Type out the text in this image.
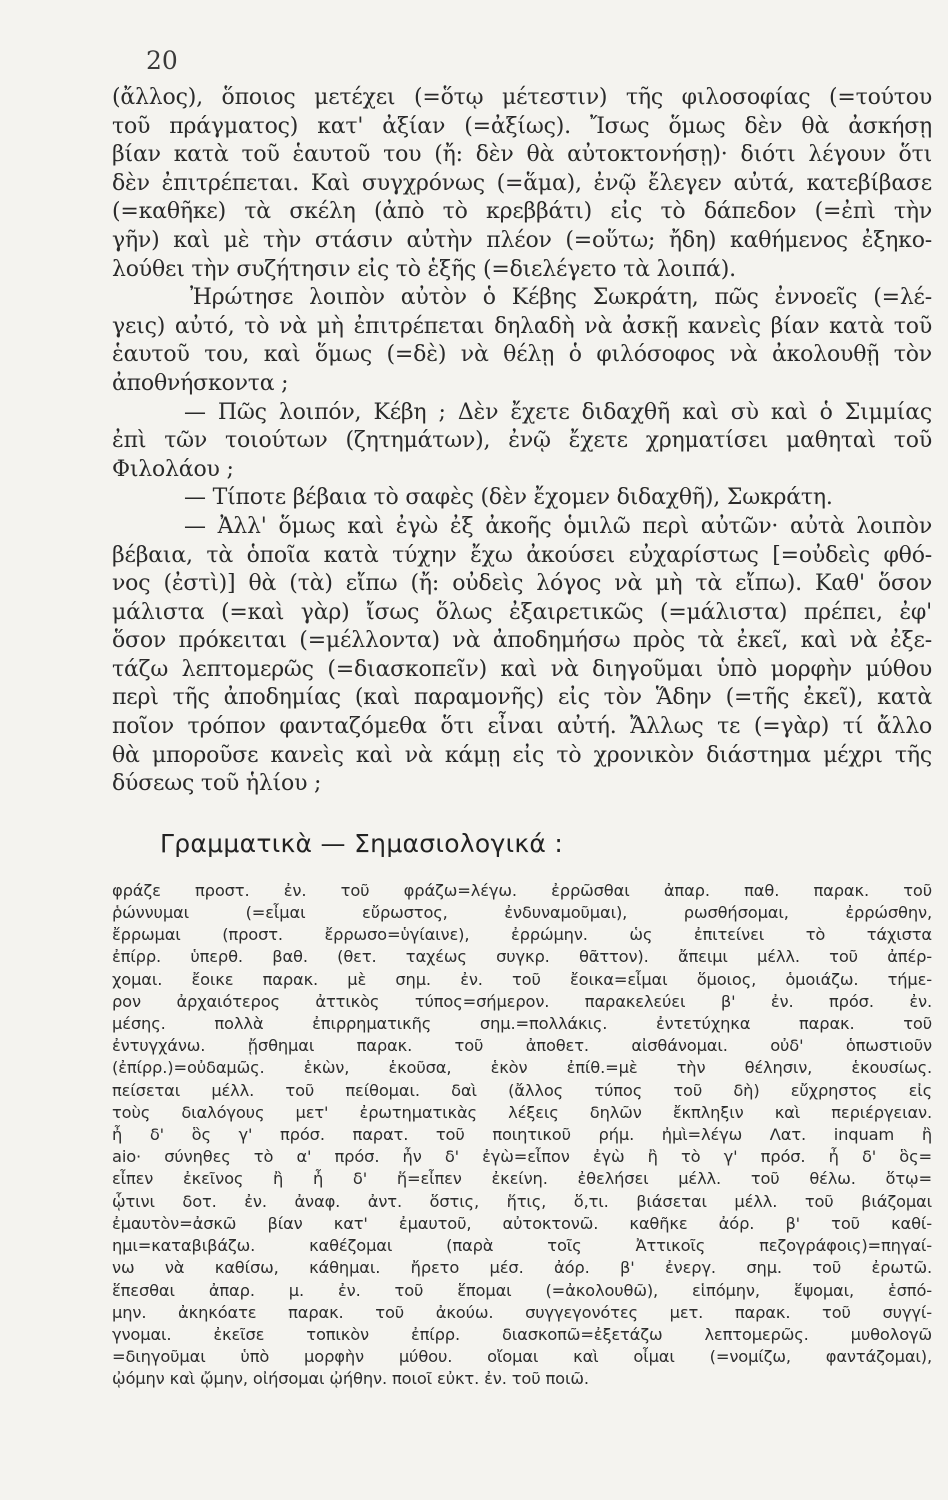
20
(ἄλλος), ὅποιος μετέχει (=ὅτῳ μέτεστιν) τῆς φιλοσοφίας (=τούτου
τοῦ πράγματος) κατ' ἀξίαν (=ἀξίως). Ἴσως ὅμως δὲν θὰ ἀσκήσῃ
βίαν κατὰ τοῦ ἑαυτοῦ του (ἤ: δὲν θὰ αὐτοκτονήσῃ)· διότι λέγουν ὅτι
δὲν ἐπιτρέπεται. Καὶ συγχρόνως (=ἅμα), ἐνῷ ἔλεγεν αὐτά, κατεβίβασε
(=καθῆκε) τὰ σκέλη (ἀπὸ τὸ κρεββάτι) εἰς τὸ δάπεδον (=ἐπὶ τὴν
γῆν) καὶ μὲ τὴν στάσιν αὐτὴν πλέον (=οὕτω; ἤδη) καθήμενος ἐξηκο-
λούθει τὴν συζήτησιν εἰς τὸ ἑξῆς (=διελέγετο τὰ λοιπά).
Ἠρώτησε λοιπὸν αὐτὸν ὁ Κέβης Σωκράτη, πῶς ἐννοεῖς (=λέ-
γεις) αὐτό, τὸ νὰ μὴ ἐπιτρέπεται δηλαδὴ νὰ ἀσκῇ κανεὶς βίαν κατὰ τοῦ
ἑαυτοῦ του, καὶ ὅμως (=δὲ) νὰ θέλῃ ὁ φιλόσοφος νὰ ἀκολουθῇ τὸν
ἀποθνήσκοντα ;
— Πῶς λοιπόν, Κέβη ; Δὲν ἔχετε διδαχθῆ καὶ σὺ καὶ ὁ Σιμμίας
ἐπὶ τῶν τοιούτων (ζητημάτων), ἐνῷ ἔχετε χρηματίσει μαθηταὶ τοῦ
Φιλολάου ;
— Τίποτε βέβαια τὸ σαφὲς (δὲν ἔχομεν διδαχθῆ), Σωκράτη.
— Ἀλλ' ὅμως καὶ ἐγὼ ἐξ ἀκοῆς ὁμιλῶ περὶ αὐτῶν· αὐτὰ λοιπὸν
βέβαια, τὰ ὁποῖα κατὰ τύχην ἔχω ἀκούσει εὐχαρίστως [=οὐδεὶς φθό-
νος (ἐστὶ)] θὰ (τὰ) εἴπω (ἤ: οὐδεὶς λόγος νὰ μὴ τὰ εἴπω). Καθ' ὅσον
μάλιστα (=καὶ γὰρ) ἴσως ὅλως ἐξαιρετικῶς (=μάλιστα) πρέπει, ἐφ'
ὅσον πρόκειται (=μέλλοντα) νὰ ἀποδημήσω πρὸς τὰ ἐκεῖ, καὶ νὰ ἐξε-
τάζω λεπτομερῶς (=διασκοπεῖν) καὶ νὰ διηγοῦμαι ὑπὸ μορφὴν μύθου
περὶ τῆς ἀποδημίας (καὶ παραμονῆς) εἰς τὸν Ἅδην (=τῆς ἐκεῖ), κατὰ
ποῖον τρόπον φανταζόμεθα ὅτι εἶναι αὐτή. Ἄλλως τε (=γὰρ) τί ἄλλο
θὰ μποροῦσε κανεὶς καὶ νὰ κάμῃ εἰς τὸ χρονικὸν διάστημα μέχρι τῆς
δύσεως τοῦ ἡλίου ;
Γραμματικὰ — Σημασιολογικά :
φράζε προστ. ἐν. τοῦ φράζω=λέγω. ἐρρῶσθαι ἀπαρ. παθ. παρακ. τοῦ
ῥώννυμαι (=εἶμαι εὔρωστος, ἐνδυναμοῦμαι), ρωσθήσομαι, ἐρρώσθην,
ἔρρωμαι (προστ. ἔρρωσο=ὑγίαινε), ἐρρώμην. ὡς ἐπιτείνει τὸ τάχιστα
ἐπίρρ. ὑπερθ. βαθ. (θετ. ταχέως συγκρ. θᾶττον). ἄπειμι μέλλ. τοῦ ἀπέρ-
χομαι. ἔοικε παρακ. μὲ σημ. ἐν. τοῦ ἔοικα=εἶμαι ὅμοιος, ὁμοιάζω. τήμε-
ρον ἀρχαιότερος ἀττικὸς τύπος=σήμερον. παρακελεύει β' ἐν. πρόσ. ἐν.
μέσης. πολλὰ ἐπιρρηματικῆς σημ.=πολλάκις. ἐντετύχηκα παρακ. τοῦ
ἐντυγχάνω. ᾔσθημαι παρακ. τοῦ ἀποθετ. αἰσθάνομαι. οὐδ' ὁπωστιοῦν
(ἐπίρρ.)=οὐδαμῶς. ἑκὼν, ἑκοῦσα, ἑκὸν ἐπίθ.=μὲ τὴν θέλησιν, ἑκουσίως.
πείσεται μέλλ. τοῦ πείθομαι. δαὶ (ἄλλος τύπος τοῦ δὴ) εὔχρηστος εἰς
τοὺς διαλόγους μετ' ἐρωτηματικὰς λέξεις δηλῶν ἔκπληξιν καὶ περιέργειαν.
ἦ δ' ὃς γ' πρόσ. παρατ. τοῦ ποιητικοῦ ρήμ. ἠμὶ=λέγω Λατ. inquam ἢ
aio· σύνηθες τὸ α' πρόσ. ἦν δ' ἐγὼ=εἶπον ἐγὼ ἢ τὸ γ' πρόσ. ἦ δ' ὃς=
εἶπεν ἐκεῖνος ἢ ἦ δ' ἥ=εἶπεν ἐκείνη. ἐθελήσει μέλλ. τοῦ θέλω. ὅτῳ=
ᾧτινι δοτ. ἐν. ἀναφ. ἀντ. ὅστις, ἥτις, ὅ,τι. βιάσεται μέλλ. τοῦ βιάζομαι
ἐμαυτὸν=ἀσκῶ βίαν κατ' ἐμαυτοῦ, αὐτοκτονῶ. καθῆκε ἀόρ. β' τοῦ καθί-
ημι=καταβιβάζω. καθέζομαι (παρὰ τοῖς Ἀττικοῖς πεζογράφοις)=πηγαί-
νω νὰ καθίσω, κάθημαι. ἤρετο μέσ. ἀόρ. β' ἐνεργ. σημ. τοῦ ἐρωτῶ.
ἕπεσθαι ἀπαρ. μ. ἐν. τοῦ ἕπομαι (=ἀκολουθῶ), εἱπόμην, ἕψομαι, ἑσπό-
μην. ἀκηκόατε παρακ. τοῦ ἀκούω. συγγεγονότες μετ. παρακ. τοῦ συγγί-
γνομαι. ἐκεῖσε τοπικὸν ἐπίρρ. διασκοπῶ=ἐξετάζω λεπτομερῶς. μυθολογῶ
=διηγοῦμαι ὑπὸ μορφὴν μύθου. οἴομαι καὶ οἶμαι (=νομίζω, φαντάζομαι),
ᾠόμην καὶ ᾤμην, οἰήσομαι ᾠήθην. ποιοῖ εὐκτ. ἐν. τοῦ ποιῶ.
